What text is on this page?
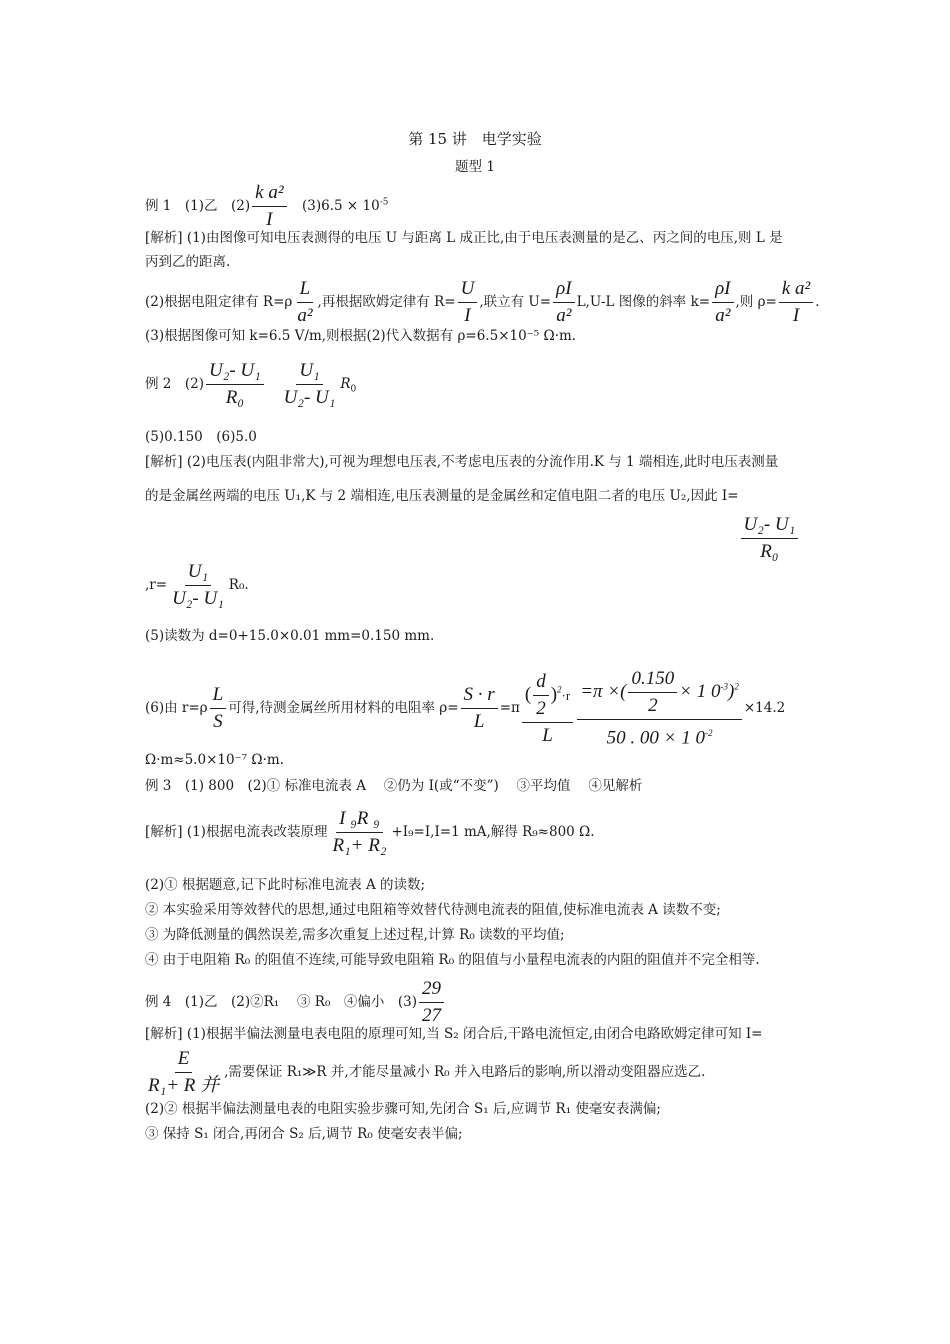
第 15 讲　电学实验
题型 1
例 1　(1)乙　$(2) \frac{\text{k a²}}{I}$ 　$(3)6.5 \times 10^{-5}$
[解析] (1)由图像可知电压表测得的电压 U 与距离 L 成正比,由于电压表测量的是乙、丙之间的电压,则 L 是
丙到乙的距离.
(2)根据电阻定律有 $R=\rho \frac{L}{\text{a²}}$ ,再根据欧姆定律有 $R= \frac{U}{I}$ ,联立有 $U= \frac{\rho I}{\text{a²}} L,U-L$ 图像的斜率 $k= \frac{\rho I}{\text{a²}}$ ,则 $\rho= \frac{\text{k a²}}{I}$ .
(3)根据图像可知 k=6.5 V/m,则根据(2)代入数据有 ρ=6.5×10⁻⁵ Ω·m.
例 2　$(2) \frac{\text{U₂- U₁}}{\text{R₀}}$
$\frac{\text{U₁}}{\text{U₂- U₁}} R_0$
(5)0.150　(6)5.0
[解析] (2)电压表(内阻非常大),可视为理想电压表,不考虑电压表的分流作用.K 与 1 端相连,此时电压表测量
的是金属丝两端的电压 U₁,K 与 2 端相连,电压表测量的是金属丝和定值电阻二者的电压 U₂,因此 I=
$\frac{\text{U₂- U₁}}{\text{R₀}}$
$,r= \frac{\text{U₁}}{\text{U₂- U₁}} R_0$.
(5)读数为 d=0+15.0×0.01 mm=0.150 mm.
(6)由 $r=\rho \frac{L}{S}$ 可得,待测金属丝所用材料的电阻率 $\rho= \frac{S \cdot r}{L} =\pi \frac{( \frac{d}{2} )^2\cdot r}{L} \frac{=\pi \times( \frac{0.150}{2} \times 1 0^{-3})^2}{50 . 00 \times 1 0^{-2}} \times 14.2$
Ω·m≈5.0×10⁻⁷ Ω·m.
例 3　(1) 800　(2)① 标准电流表 A　 ②仍为 I(或“不变”)　 ③平均值　 ④见解析
[解析] (1)根据电流表改装原理 $\frac{\text{I ₉R ₉}}{\text{R₁+ R₂}} +I_9=I,I=1$ mA,解得 R₉≈800 Ω.
(2)① 根据题意,记下此时标准电流表 A 的读数;
② 本实验采用等效替代的思想,通过电阻箱等效替代待测电流表的阻值,使标准电流表 A 读数不变;
③ 为降低测量的偶然误差,需多次重复上述过程,计算 R₀ 读数的平均值;
④ 由于电阻箱 R₀ 的阻值不连续,可能导致电阻箱 R₀ 的阻值与小量程电流表的内阻的阻值并不完全相等.
例 4　(1)乙　(2)②R₁　 ③ R₀　④偏小　$(3) \frac{29}{27}$
[解析] (1)根据半偏法测量电表电阻的原理可知,当 S₂ 闭合后,干路电流恒定,由闭合电路欧姆定律可知 I=
$\frac{E}{\text{R₁+ R 并}}$ ,需要保证 R₁≫R 并,才能尽量减小 R₀ 并入电路后的影响,所以滑动变阻器应选乙.
(2)② 根据半偏法测量电表的电阻实验步骤可知,先闭合 S₁ 后,应调节 R₁ 使毫安表满偏;
③ 保持 S₁ 闭合,再闭合 S₂ 后,调节 R₀ 使毫安表半偏;
